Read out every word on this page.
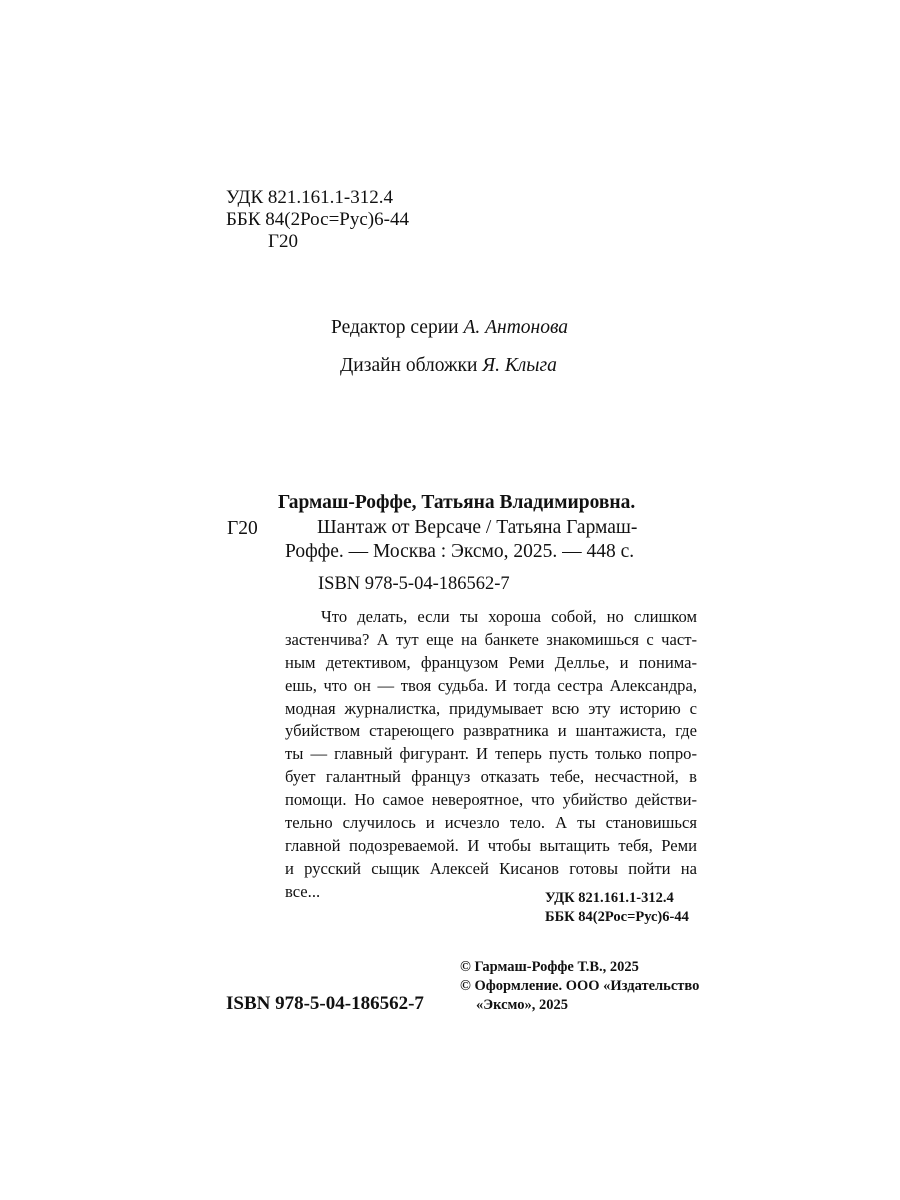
УДК 821.161.1-312.4
ББК 84(2Рос=Рус)6-44
Г20
Редактор серии А. Антонова
Дизайн обложки Я. Клыга
Гармаш-Роффе, Татьяна Владимировна.
Г20	Шантаж от Версаче / Татьяна Гармаш-
Роффе. — Москва : Эксмо, 2025. — 448 с.
ISBN 978-5-04-186562-7
Что делать, если ты хороша собой, но слишком
застенчива? А тут еще на банкете знакомишься с част-
ным детективом, французом Реми Деллье, и понима-
ешь, что он — твоя судьба. И тогда сестра Александра,
модная журналистка, придумывает всю эту историю с
убийством стареющего развратника и шантажиста, где
ты — главный фигурант. И теперь пусть только попро-
бует галантный француз отказать тебе, несчастной, в
помощи. Но самое невероятное, что убийство действи-
тельно случилось и исчезло тело. А ты становишься
главной подозреваемой. И чтобы вытащить тебя, Реми
и русский сыщик Алексей Кисанов готовы пойти на
все...	УДК 821.161.1-312.4
ББК 84(2Рос=Рус)6-44
© Гармаш-Роффе Т.В., 2025
© Оформление. ООО «Издательство
«Эксмо», 2025
ISBN 978-5-04-186562-7
